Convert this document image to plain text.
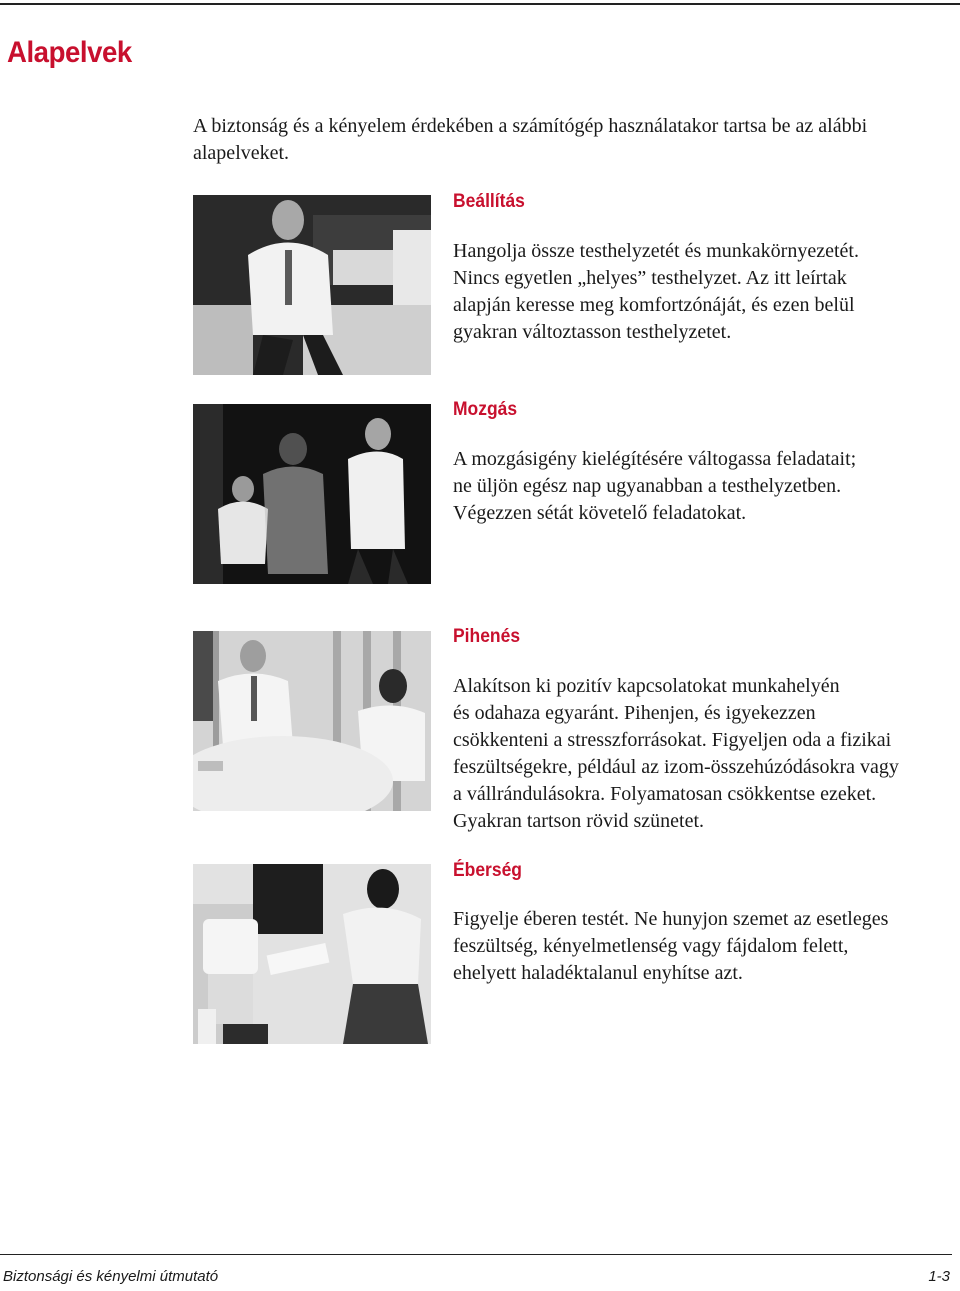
Alapelvek

A biztonság és a kényelem érdekében a számítógép használatakor tartsa be az alábbi alapelveket.

Beállítás
Hangolja össze testhelyzetét és munkakörnyezetét.
Nincs egyetlen „helyes” testhelyzet. Az itt leírtak
alapján keresse meg komfortzónáját, és ezen belül
gyakran változtasson testhelyzetet.
Mozgás
A mozgásigény kielégítésére váltogassa feladatait;
ne üljön egész nap ugyanabban a testhelyzetben.
Végezzen sétát követelő feladatokat.
Pihenés
Alakítson ki pozitív kapcsolatokat munkahelyén
és odahaza egyaránt. Pihenjen, és igyekezzen
csökkenteni a stresszforrásokat. Figyeljen oda a fizikai
feszültségekre, például az izom-összehúzódásokra vagy
a vállrándulásokra. Folyamatosan csökkentse ezeket.
Gyakran tartson rövid szünetet.
Éberség
Figyelje éberen testét. Ne hunyjon szemet az esetleges
feszültség, kényelmetlenség vagy fájdalom felett,
ehelyett haladéktalanul enyhítse azt.
Biztonsági és kényelmi útmutató	1-3
